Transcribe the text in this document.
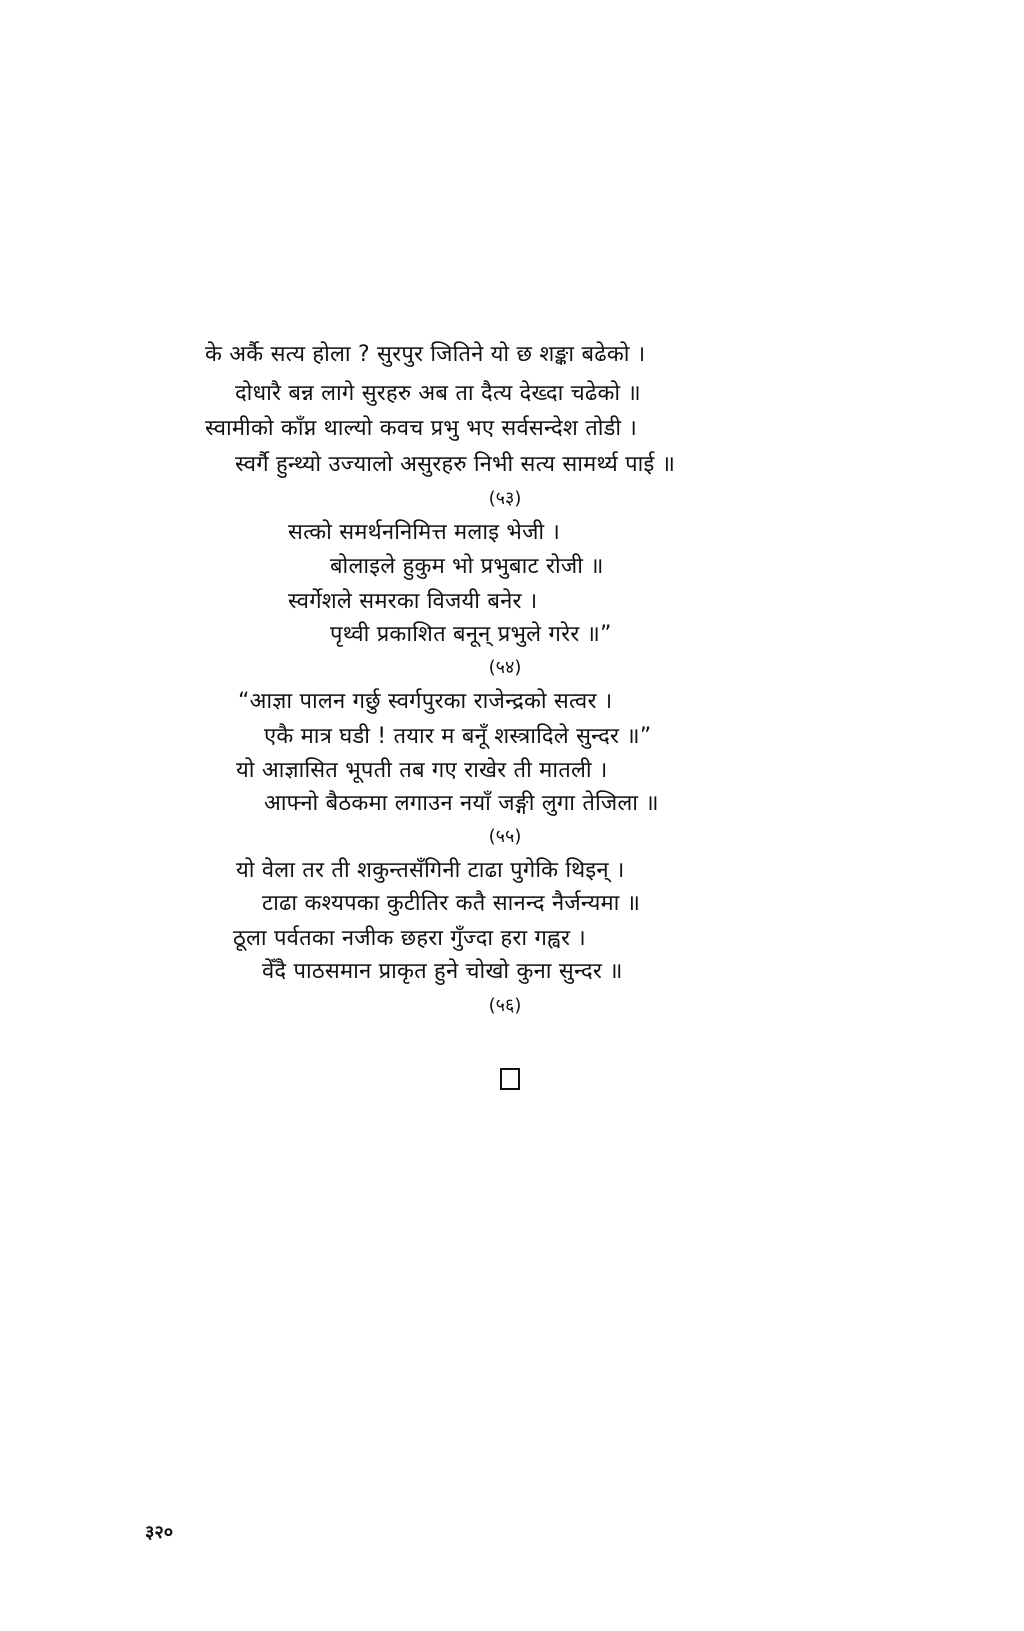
के अर्कै सत्य होला ? सुरपुर जितिने यो छ शङ्का बढेको ।
दोधारै बन्न लागे सुरहरु अब ता दैत्य देख्दा चढेको ॥
स्वामीको काँप्न थाल्यो कवच प्रभु भए सर्वसन्देश तोडी ।
स्वर्गै हुन्थ्यो उज्यालो असुरहरु निभी सत्य सामर्थ्य पाई ॥
(५३)
सत्को समर्थननिमित्त मलाइ भेजी ।
बोलाइले हुकुम भो प्रभुबाट रोजी ॥
स्वर्गेशले समरका विजयी बनेर ।
पृथ्वी प्रकाशित बनून् प्रभुले गरेर ॥”
(५४)
“आज्ञा पालन गर्छु स्वर्गपुरका राजेन्द्रको सत्वर ।
एकै मात्र घडी ! तयार म बनूँ शस्त्रादिले सुन्दर ॥”
यो आज्ञासित भूपती तब गए राखेर ती मातली ।
आफ्नो बैठकमा लगाउन नयाँ जङ्गी लुगा तेजिला ॥
(५५)
यो वेला तर ती शकुन्तसँगिनी टाढा पुगेकि थिइन् ।
टाढा कश्यपका कुटीतिर कतै सानन्द नैर्जन्यमा ॥
ठूला पर्वतका नजीक छहरा गुँज्दा हरा गह्वर ।
वेँदै पाठसमान प्राकृत हुने चोखो कुना सुन्दर ॥
(५६)
३२०
